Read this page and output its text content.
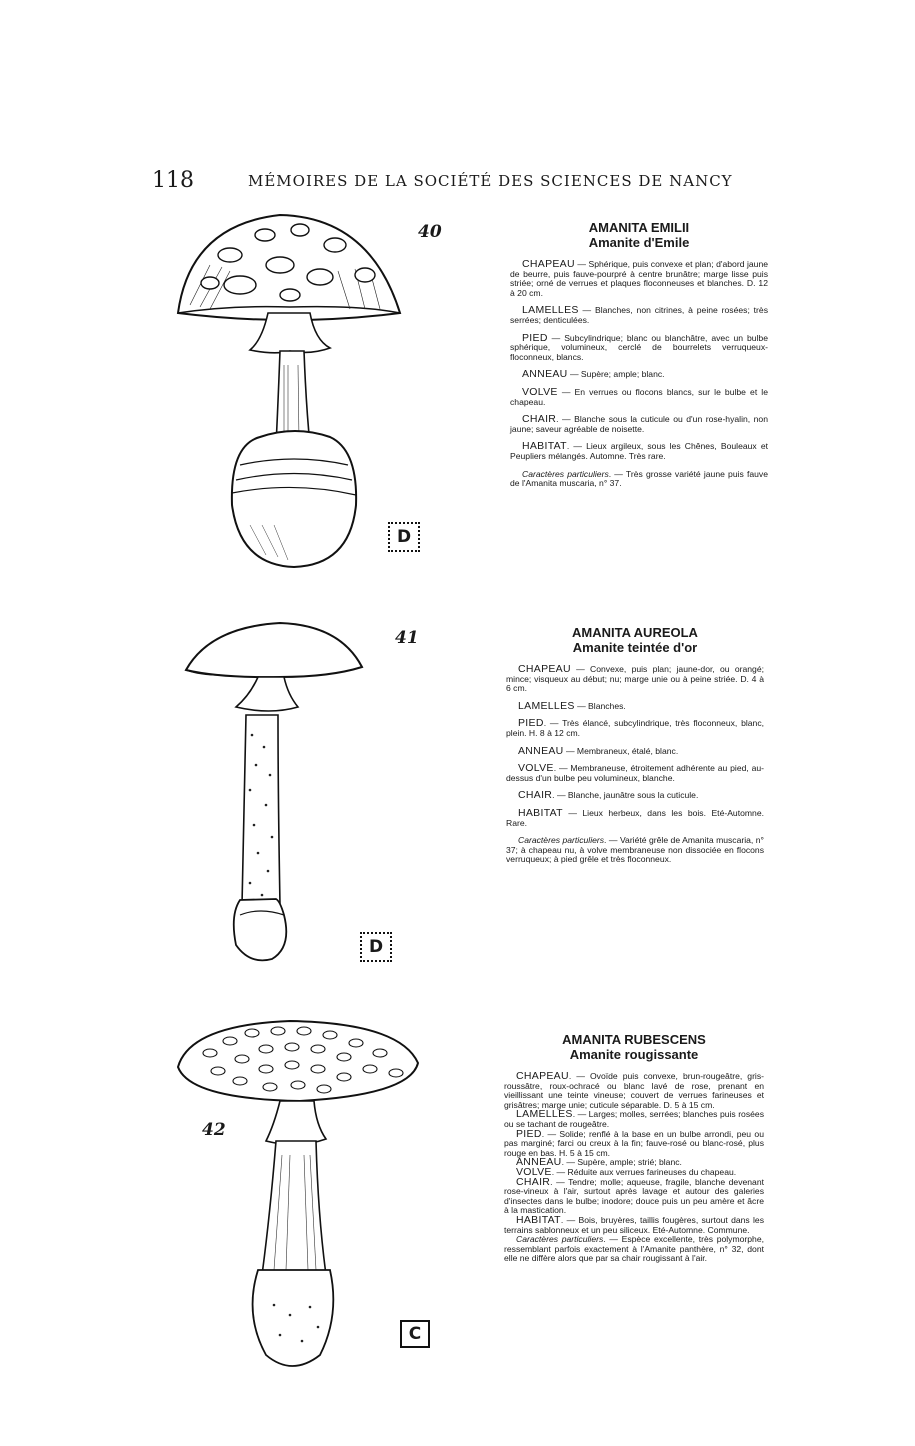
118	MÉMOIRES DE LA SOCIÉTÉ DES SCIENCES DE NANCY
40
D
AMANITA EMILII
Amanite d'Emile

CHAPEAU — Sphérique, puis convexe et plan; d'abord jaune de beurre, puis fauve-pourpré à centre brunâtre; marge lisse puis striée; orné de verrues et plaques floconneuses et blanches. D. 12 à 20 cm.

LAMELLES — Blanches, non citrines, à peine rosées; très serrées; denticulées.

PIED — Subcylindrique; blanc ou blanchâtre, avec un bulbe sphérique, volumineux, cerclé de bourrelets verruqueux-floconneux, blancs.

ANNEAU — Supère; ample; blanc.

VOLVE — En verrues ou flocons blancs, sur le bulbe et le chapeau.

CHAIR. — Blanche sous la cuticule ou d'un rose-hyalin, non jaune; saveur agréable de noisette.

HABITAT. — Lieux argileux, sous les Chênes, Bouleaux et Peupliers mélangés. Automne. Très rare.

Caractères particuliers. — Très grosse variété jaune puis fauve de l'Amanita muscaria, n° 37.

41
D
AMANITA AUREOLA
Amanite teintée d'or

CHAPEAU — Convexe, puis plan; jaune-dor, ou orangé; mince; visqueux au début; nu; marge unie ou à peine striée. D. 4 à 6 cm.

LAMELLES — Blanches.

PIED. — Très élancé, subcylindrique, très floconneux, blanc, plein. H. 8 à 12 cm.

ANNEAU — Membraneux, étalé, blanc.

VOLVE. — Membraneuse, étroitement adhérente au pied, au-dessus d'un bulbe peu volumineux, blanche.

CHAIR. — Blanche, jaunâtre sous la cuticule.

HABITAT — Lieux herbeux, dans les bois. Eté-Automne. Rare.

Caractères particuliers. — Variété grêle de Amanita muscaria, n° 37; à chapeau nu, à volve membraneuse non dissociée en flocons verruqueux; à pied grêle et très floconneux.

42
C
AMANITA RUBESCENS
Amanite rougissante

CHAPEAU. — Ovoïde puis convexe, brun-rougeâtre, gris-roussâtre, roux-ochracé ou blanc lavé de rose, prenant en vieillissant une teinte vineuse; couvert de verrues farineuses et grisâtres; marge unie; cuticule séparable. D. 5 à 15 cm.

LAMELLES. — Larges; molles, serrées; blanches puis rosées ou se tachant de rougeâtre.

PIED. — Solide; renflé à la base en un bulbe arrondi, peu ou pas marginé; farci ou creux à la fin; fauve-rosé ou blanc-rosé, plus rouge en bas. H. 5 à 15 cm.

ANNEAU. — Supère, ample; strié; blanc.

VOLVE. — Réduite aux verrues farineuses du chapeau.

CHAIR. — Tendre; molle; aqueuse, fragile, blanche devenant rose-vineux à l'air, surtout après lavage et autour des galeries d'insectes dans le bulbe; inodore; douce puis un peu amère et âcre à la mastication.

HABITAT. — Bois, bruyères, taillis fougères, surtout dans les terrains sablonneux et un peu siliceux. Eté-Automne. Commune.

Caractères particuliers. — Espèce excellente, très polymorphe, ressemblant parfois exactement à l'Amanite panthère, n° 32, dont elle ne diffère alors que par sa chair rougissant à l'air.
